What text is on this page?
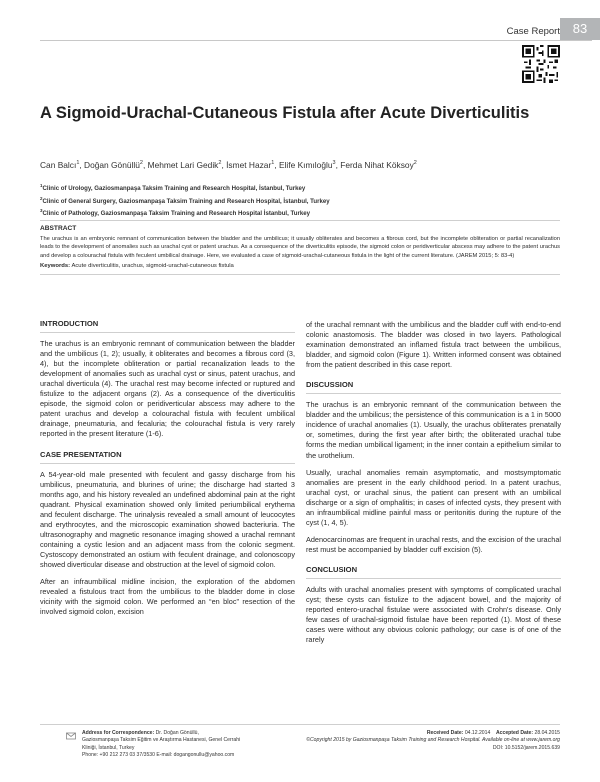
Case Report 83
A Sigmoid-Urachal-Cutaneous Fistula after Acute Diverticulitis
Can Balcı$^1$, Doğan Gönüllü$^2$, Mehmet Lari Gedik$^2$, İsmet Hazar$^1$, Elife Kımıloğlu$^3$, Ferda Nihat Köksoy$^2$
$^1$Clinic of Urology, Gaziosmanpaşa Taksim Training and Research Hospital, İstanbul, Turkey
$^2$Clinic of General Surgery, Gaziosmanpaşa Taksim Training and Research Hospital, İstanbul, Turkey
$^3$Clinic of Pathology, Gaziosmanpaşa Taksim Training and Research Hospital İstanbul, Turkey
ABSTRACT

The urachus is an embryonic remnant of communication between the bladder and the umbilicus; it usually obliterates and becomes a fibrous cord, but the incomplete obliteration or partial recanalization leads to the development of anomalies such as urachal cyst or patent urachus. As a consequence of the diverticulitis episode, the sigmoid colon or peridiverticular abscess may adhere to the patent urachus and develop a colourachal fistula with feculent umbilical drainage. Here, we evaluated a case of sigmoid-urachal-cutaneous fistula in the light of the current literature. (JAREM 2015; 5: 83-4)

Keywords: Acute diverticulitis, urachus, sigmoid-urachal-cutaneous fistula
INTRODUCTION

The urachus is an embryonic remnant of communication between the bladder and the umbilicus (1, 2); usually, it obliterates and becomes a fibrous cord (3, 4), but the incomplete obliteration or partial recanalization leads to the development of anomalies such as urachal cyst or sinus, patent urachus, and urachal diverticula (4). The urachal rest may become infected or ruptured and fistulize to the adjacent organs (2). As a consequence of the diverticulitis episode, the sigmoid colon or peridiverticular abscess may adhere to the patent urachus and develop a colourachal fistula with feculent umbilical drainage, pneumaturia, and fecaluria; the colourachal fistula is very rarely reported in the present literature (1-6).

CASE PRESENTATION

A 54-year-old male presented with feculent and gassy discharge from his umbilicus, pneumaturia, and blurines of urine; the discharge had started 3 months ago, and his history revealed an undefined abdominal pain at the right quadrant. Physical examination showed only limited periumbilical erythema and feculent discharge. The urinalysis revealed a small amount of leucocytes and erythrocytes, and the microscopic examination showed bacteriuria. The ultrasonography and magnetic resonance imaging showed a urachal remnant containing a cystic lesion and an adjacent mass from the colonic segment. Cystoscopy demonstrated an ostium with feculent drainage, and colonoscopy showed diverticular disease and obstruction at the level of sigmoid colon.

After an infraumbilical midline incision, the exploration of the abdomen revealed a fistulous tract from the umbilicus to the bladder dome in close vicinity with the sigmoid colon. We performed an “en bloc” resection of the involved sigmoid colon, excision

of the urachal remnant with the umbilicus and the bladder cuff with end-to-end colonic anastomosis. The bladder was closed in two layers. Pathological examination demonstrated an inflamed fistula tract between the umbilicus, bladder, and sigmoid colon (Figure 1). Written informed consent was obtained from the patient described in this case report.

DISCUSSION

The urachus is an embryonic remnant of the communication between the bladder and the umbilicus; the persistence of this communication is a 1 in 5000 incidence of urachal anomalies (1). Usually, the urachus obliterates prenatally or, sometimes, during the first year after birth; the obliterated urachal tube forms the median umbilical ligament; in the inner contain a epithelium similar to the urothelium.

Usually, urachal anomalies remain asymptomatic, and mostsymptomatic anomalies are present in the early childhood period. In a patent urachus, urachal cyst, or urachal sinus, the patient can present with an umbilical discharge or a sign of omphalitis; in cases of infected cysts, they present with an infraumbilical midline painful mass or peritonitis during the rupture of the cyst (1, 4, 5).

Adenocarcinomas are frequent in urachal rests, and the excision of the urachal rest must be accompanied by bladder cuff excision (5).

CONCLUSION

Adults with urachal anomalies present with symptoms of complicated urachal cyst; these cysts can fistulize to the adjacent bowel, and the majority of reported entero-urachal fistulae were associated with Crohn's disease. Only few cases of urachal-sigmoid fistulae have been reported (1). Most of these cases were without any obvious colonic pathology; our case is of one of the rarely

Address for Correspondence: Dr. Doğan Gönüllü,
Gaziosmanpaşa Taksim Eğitim ve Araştırma Hastanesi, Genel Cerrahi
Kliniği, İstanbul, Turkey
Phone: +90 212 273 03 37/3530 E-mail: dogangonullu@yahoo.com
Received Date: 04.12.2014 Accepted Date: 28.04.2015
©Copyright 2015 by Gaziosmanpaşa Taksim Training and Research Hospital. Available on-line at www.jarem.org
DOI: 10.5152/jarem.2015.639
